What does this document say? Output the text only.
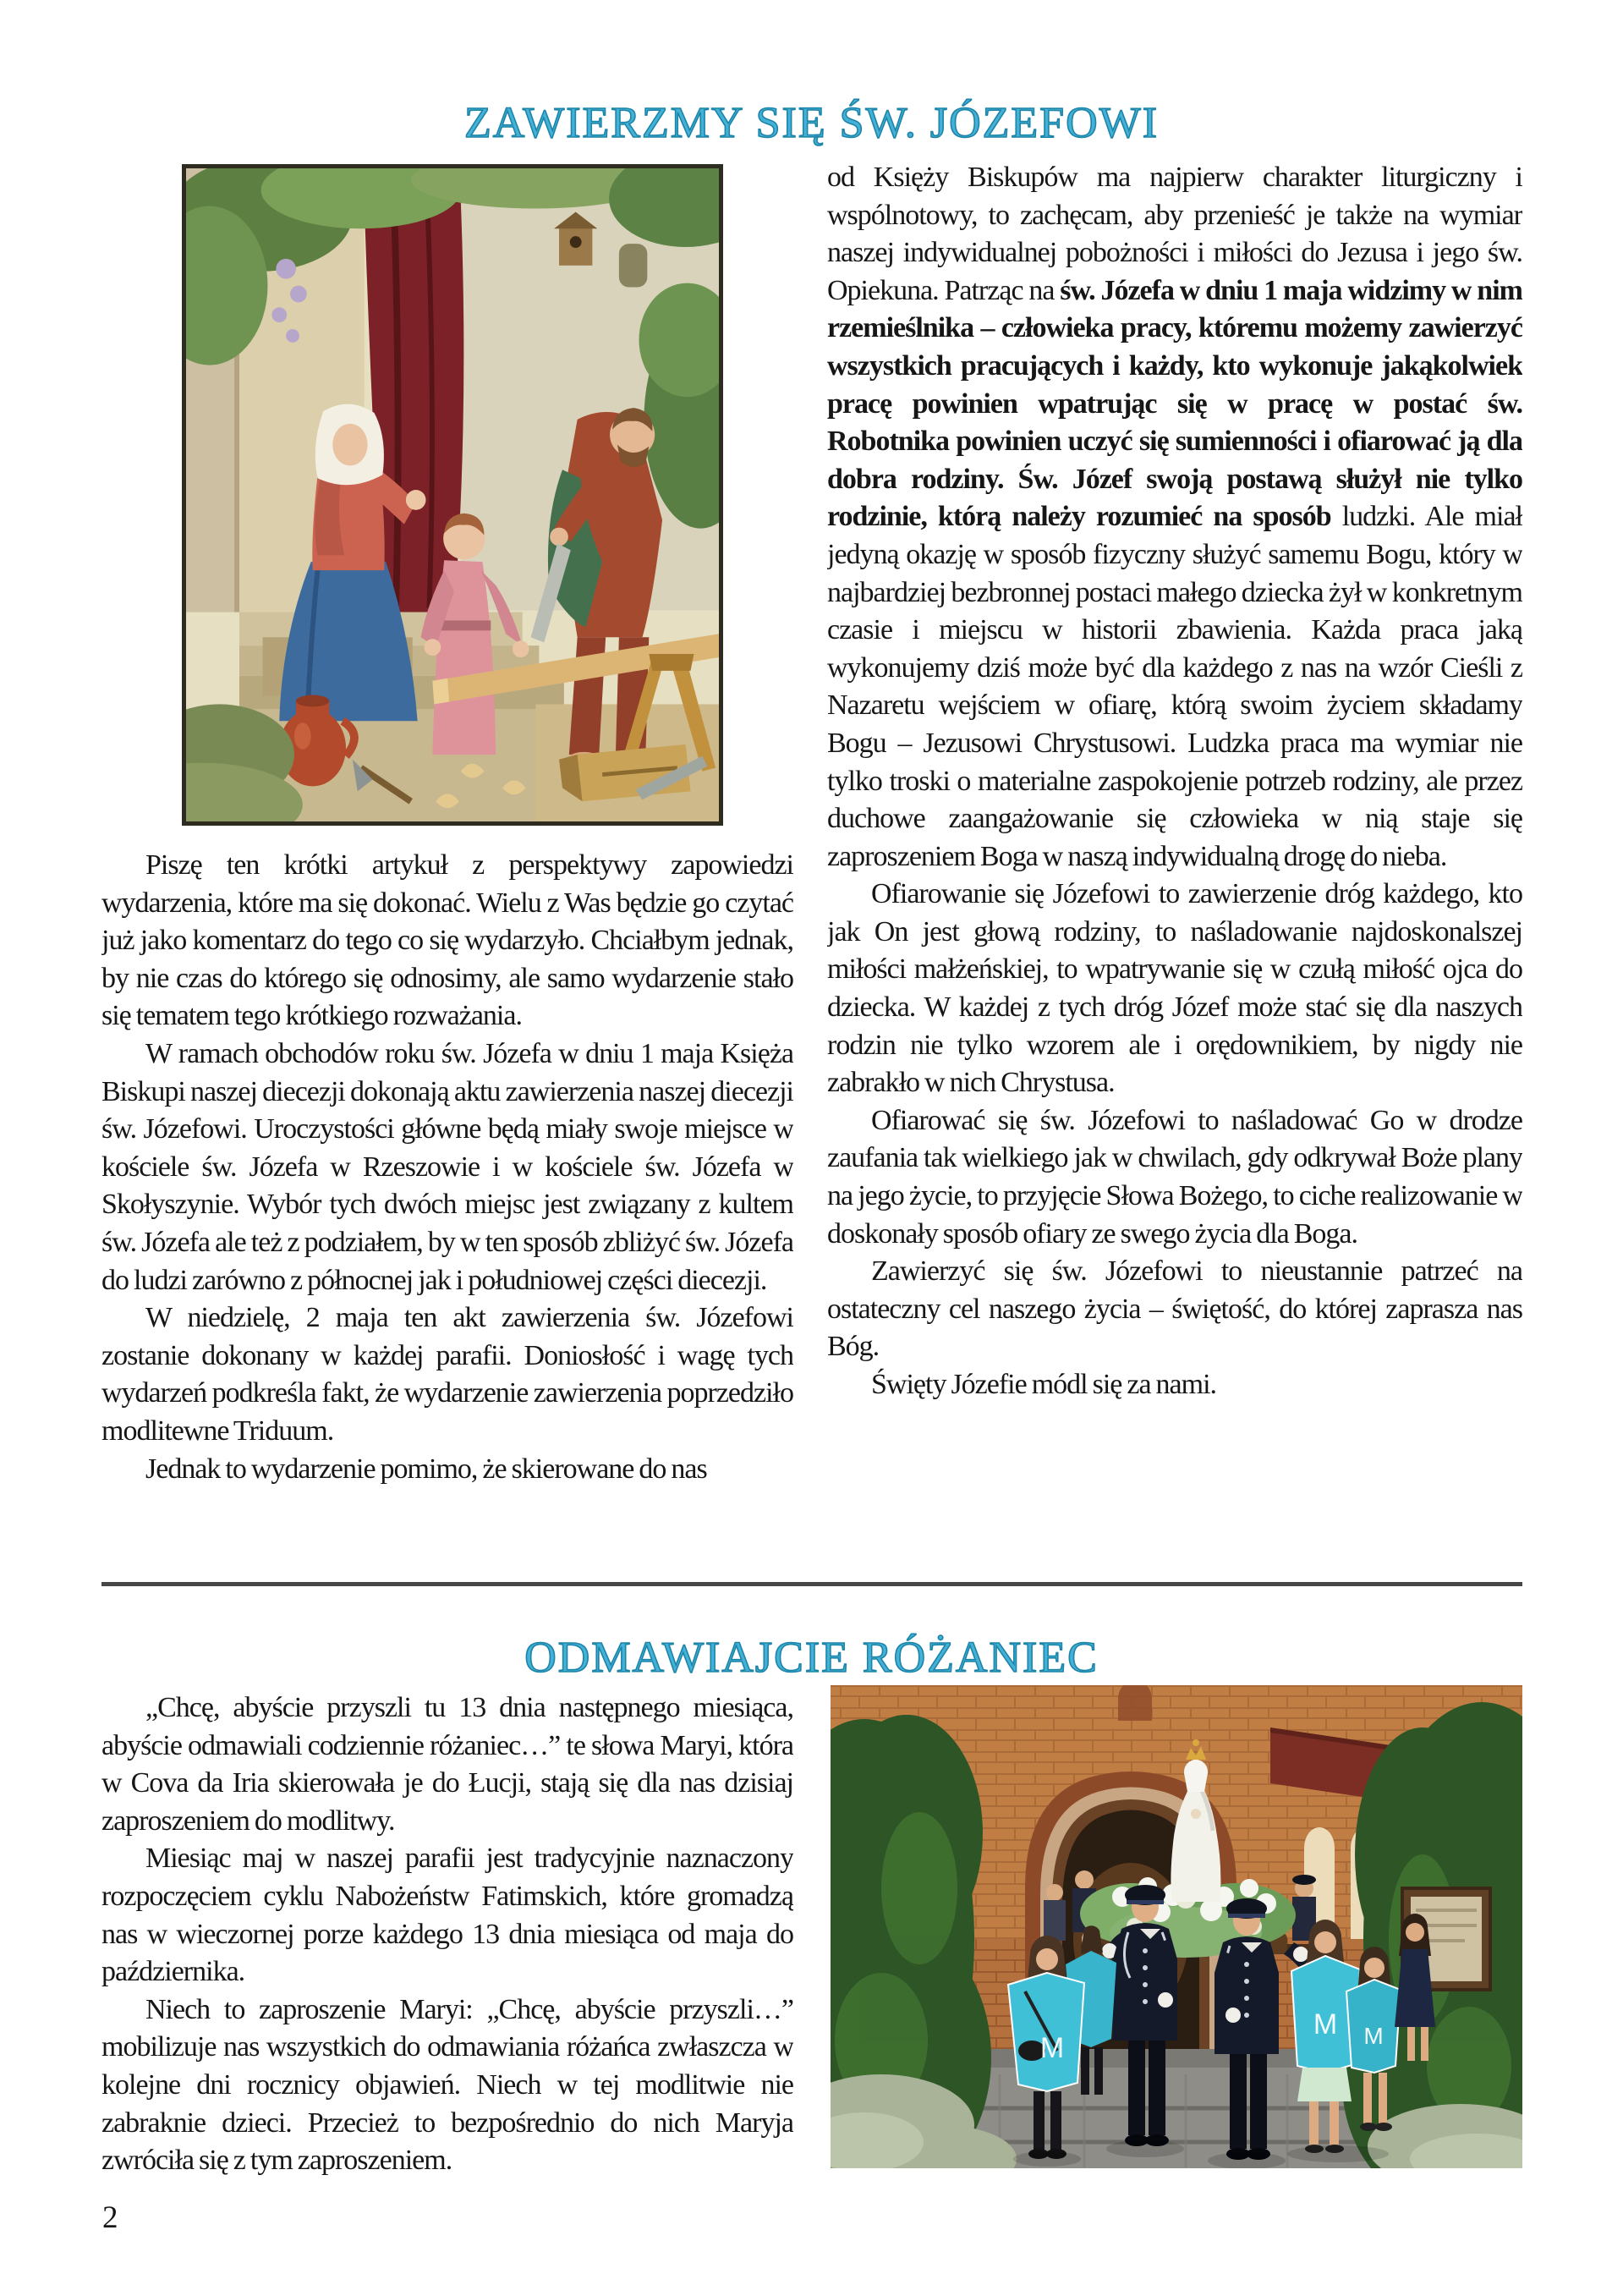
ZAWIERZMY SIĘ ŚW. JÓZEFOWI

Piszę ten krótki artykuł z perspektywy zapowiedzi wydarzenia, które ma się dokonać. Wielu z Was będzie go czytać już jako komentarz do tego co się wydarzyło. Chciałbym jednak, by nie czas do którego się odnosimy, ale samo wydarzenie stało się tematem tego krótkiego rozważania.

W ramach obchodów roku św. Józefa w dniu 1 maja Księża Biskupi naszej diecezji dokonają aktu zawierzenia naszej diecezji św. Józefowi. Uroczystości główne będą miały swoje miejsce w kościele św. Józefa w Rzeszowie i w kościele św. Józefa w Skołyszynie. Wybór tych dwóch miejsc jest związany z kultem św. Józefa ale też z podziałem, by w ten sposób zbliżyć św. Józefa do ludzi zarówno z północnej jak i południowej części diecezji.

W niedzielę, 2 maja ten akt zawierzenia św. Józefowi zostanie dokonany w każdej parafii. Doniosłość i wagę tych wydarzeń podkreśla fakt, że wydarzenie zawierzenia poprzedziło modlitewne Triduum.

Jednak to wydarzenie pomimo, że skierowane do nas

od Księży Biskupów ma najpierw charakter liturgiczny i wspólnotowy, to zachęcam, aby przenieść je także na wymiar naszej indywidualnej pobożności i miłości do Jezusa i jego św. Opiekuna. Patrząc na św. Józefa w dniu 1 maja widzimy w nim rzemieślnika – człowieka pracy, któremu możemy zawierzyć wszystkich pracujących i każdy, kto wykonuje jakąkolwiek pracę powinien wpatrując się w pracę w postać św. Robotnika powinien uczyć się sumienności i ofiarować ją dla dobra rodziny. Św. Józef swoją postawą służył nie tylko rodzinie, którą należy rozumieć na sposób ludzki. Ale miał jedyną okazję w sposób fizyczny służyć samemu Bogu, który w najbardziej bezbronnej postaci małego dziecka żył w konkretnym czasie i miejscu w historii zbawienia. Każda praca jaką wykonujemy dziś może być dla każdego z nas na wzór Cieśli z Nazaretu wejściem w ofiarę, którą swoim życiem składamy Bogu – Jezusowi Chrystusowi. Ludzka praca ma wymiar nie tylko troski o materialne zaspokojenie potrzeb rodziny, ale przez duchowe zaangażowanie się człowieka w nią staje się zaproszeniem Boga w naszą indywidualną drogę do nieba.

Ofiarowanie się Józefowi to zawierzenie dróg każdego, kto jak On jest głową rodziny, to naśladowanie najdoskonalszej miłości małżeńskiej, to wpatrywanie się w czułą miłość ojca do dziecka. W każdej z tych dróg Józef może stać się dla naszych rodzin nie tylko wzorem ale i orędownikiem, by nigdy nie zabrakło w nich Chrystusa.

Ofiarować się św. Józefowi to naśladować Go w drodze zaufania tak wielkiego jak w chwilach, gdy odkrywał Boże plany na jego życie, to przyjęcie Słowa Bożego, to ciche realizowanie w doskonały sposób ofiary ze swego życia dla Boga.

Zawierzyć się św. Józefowi to nieustannie patrzeć na ostateczny cel naszego życia – świętość, do której zaprasza nas Bóg.

Święty Józefie módl się za nami.

ODMAWIAJCIE RÓŻANIEC

„Chcę, abyście przyszli tu 13 dnia następnego miesiąca, abyście odmawiali codziennie różaniec…” te słowa Maryi, która w Cova da Iria skierowała je do Łucji, stają się dla nas dzisiaj zaproszeniem do modlitwy.

Miesiąc maj w naszej parafii jest tradycyjnie naznaczony rozpoczęciem cyklu Nabożeństw Fatimskich, które gromadzą nas w wieczornej porze każdego 13 dnia miesiąca od maja do października.

Niech to zaproszenie Maryi: „Chcę, abyście przyszli…” mobilizuje nas wszystkich do odmawiania różańca zwłaszcza w kolejne dni rocznicy objawień. Niech w tej modlitwie nie zabraknie dzieci. Przecież to bezpośrednio do nich Maryja zwróciła się z tym zaproszeniem.

M
M M
2
